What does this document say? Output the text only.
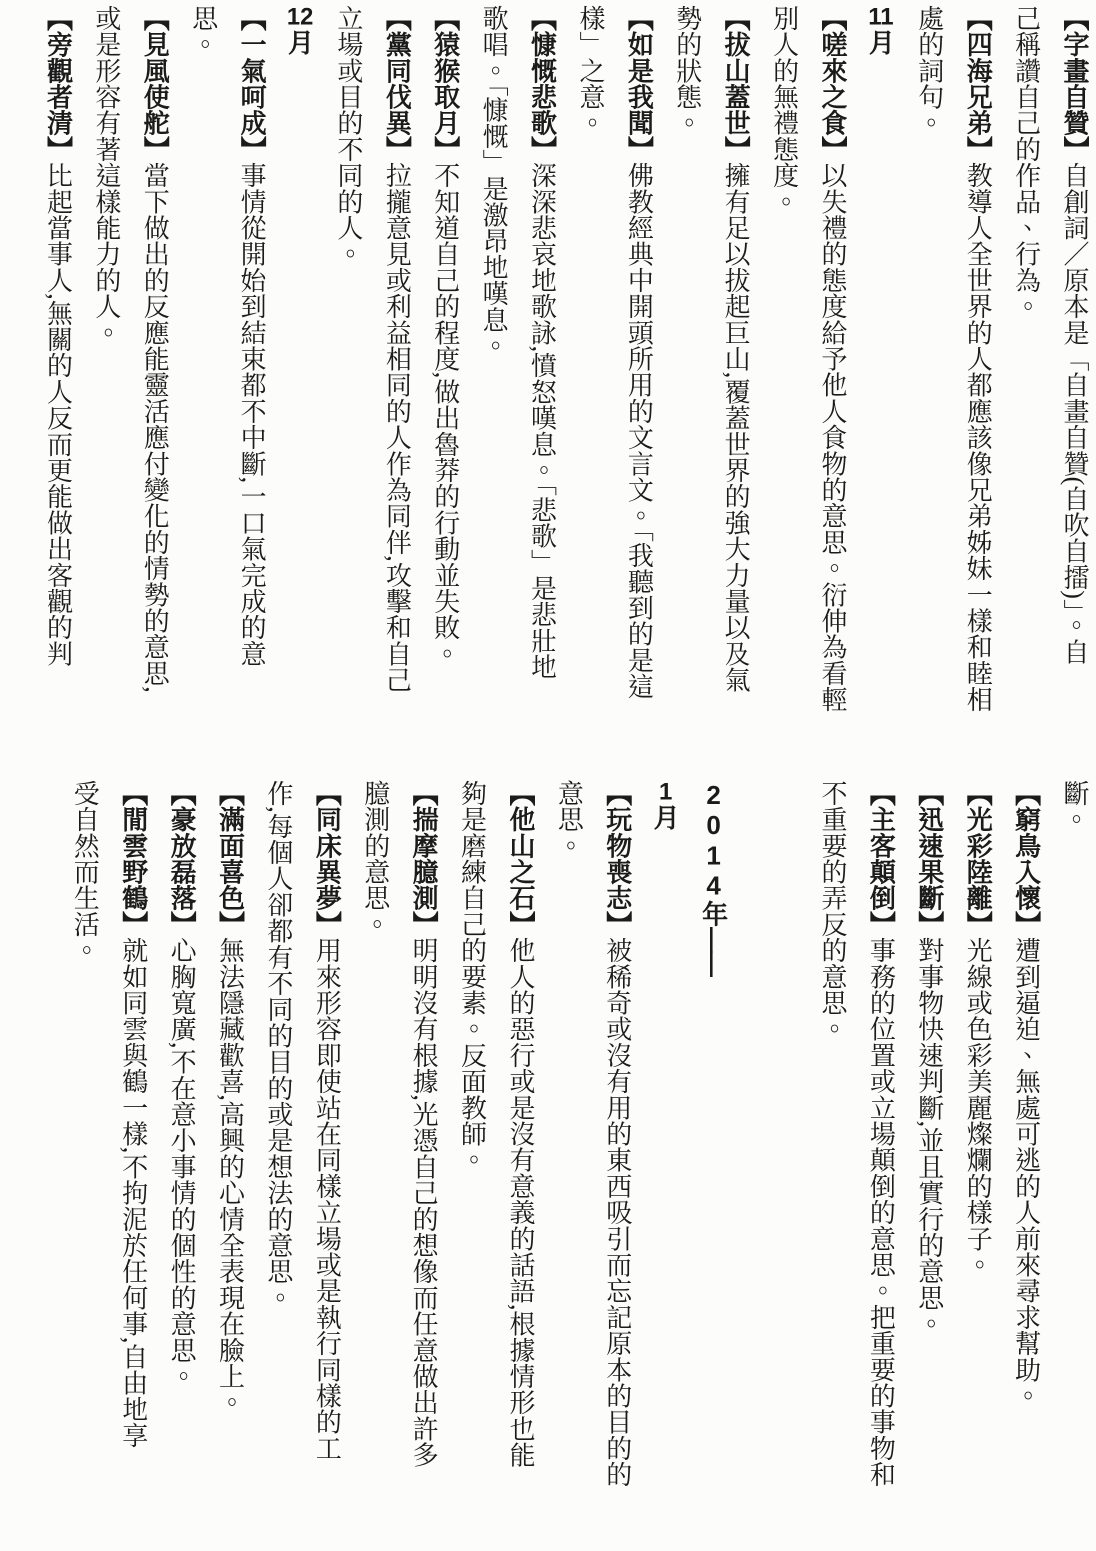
【字畫自贊】自創詞／原本是「自畫自贊(自吹自擂)」。自
己稱讚自己的作品、行為。
【四海兄弟】教導人全世界的人都應該像兄弟姊妹一樣和睦相
處的詞句。
11月
【嗟來之食】以失禮的態度給予他人食物的意思。衍伸為看輕
別人的無禮態度。
【拔山蓋世】擁有足以拔起巨山,覆蓋世界的強大力量以及氣
勢的狀態。
【如是我聞】佛教經典中開頭所用的文言文。「我聽到的是這
樣」之意。
【慷慨悲歌】深深悲哀地歌詠,憤怒嘆息。「悲歌」是悲壯地
歌唱。「慷慨」是激昂地嘆息。
【猿猴取月】不知道自己的程度,做出魯莽的行動並失敗。
【黨同伐異】拉攏意見或利益相同的人作為同伴,攻擊和自己
立場或目的不同的人。
12月
【一氣呵成】事情從開始到結束都不中斷,一口氣完成的意
思。
【見風使舵】當下做出的反應能靈活應付變化的情勢的意思,
或是形容有著這樣能力的人。
【旁觀者清】比起當事人,無關的人反而更能做出客觀的判
斷。
【窮鳥入懷】遭到逼迫、無處可逃的人前來尋求幫助。
【光彩陸離】光線或色彩美麗燦爛的樣子。
【迅速果斷】對事物快速判斷,並且實行的意思。
【主客顛倒】事務的位置或立場顛倒的意思。把重要的事物和
不重要的弄反的意思。
2014年——
1月
【玩物喪志】被稀奇或沒有用的東西吸引而忘記原本的目的的
意思。
【他山之石】他人的惡行或是沒有意義的話語,根據情形也能
夠是磨練自己的要素。反面教師。
【揣摩臆測】明明沒有根據,光憑自己的想像而任意做出許多
臆測的意思。
【同床異夢】用來形容即使站在同樣立場或是執行同樣的工
作,每個人卻都有不同的目的或是想法的意思。
【滿面喜色】無法隱藏歡喜,高興的心情全表現在臉上。
【豪放磊落】心胸寬廣,不在意小事情的個性的意思。
【閒雲野鶴】就如同雲與鶴一樣,不拘泥於任何事,自由地享
受自然而生活。
